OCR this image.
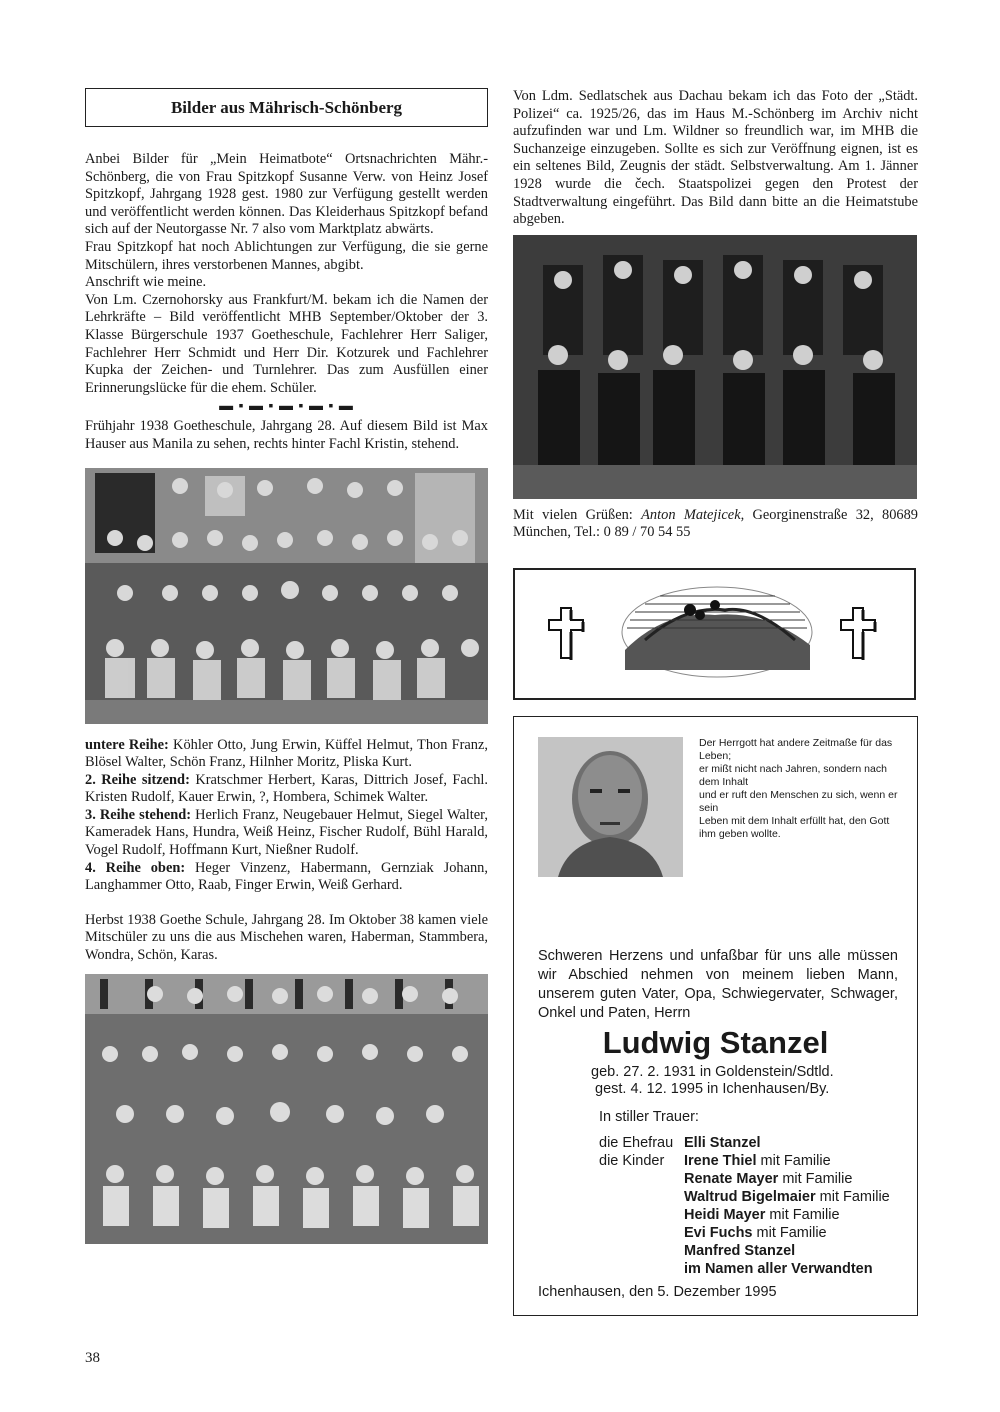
Bilder aus Mährisch-Schönberg

Anbei Bilder für „Mein Heimatbote“ Ortsnachrichten Mähr.-Schönberg, die von Frau Spitzkopf Susanne Verw. von Heinz Josef Spitzkopf, Jahrgang 1928 gest. 1980 zur Verfügung gestellt werden und veröffentlicht werden können. Das Kleiderhaus Spitzkopf befand sich auf der Neutorgasse Nr. 7 also vom Marktplatz abwärts.

Frau Spitzkopf hat noch Ablichtungen zur Verfügung, die sie gerne Mitschülern, ihres verstorbenen Mannes, abgibt.

Anschrift wie meine.

Von Lm. Czernohorsky aus Frankfurt/M. bekam ich die Namen der Lehrkräfte – Bild veröffentlicht MHB September/Oktober der 3. Klasse Bürgerschule 1937 Goetheschule, Fachlehrer Herr Saliger, Fachlehrer Herr Schmidt und Herr Dir. Kotzurek und Fachlehrer Kupka der Zeichen- und Turnlehrer. Das zum Ausfüllen einer Erinnerungslücke für die ehem. Schüler.

▬ ▪ ▬ ▪ ▬ ▪ ▬ ▪ ▬

Frühjahr 1938 Goetheschule, Jahrgang 28. Auf diesem Bild ist Max Hauser aus Manila zu sehen, rechts hinter Fachl Kristin, stehend.

untere Reihe: Köhler Otto, Jung Erwin, Küffel Helmut, Thon Franz, Blösel Walter, Schön Franz, Hilnher Moritz, Pliska Kurt.

2. Reihe sitzend: Kratschmer Herbert, Karas, Dittrich Josef, Fachl. Kristen Rudolf, Kauer Erwin, ?, Hombera, Schimek Walter.

3. Reihe stehend: Herlich Franz, Neugebauer Helmut, Siegel Walter, Kameradek Hans, Hundra, Weiß Heinz, Fischer Rudolf, Bühl Harald, Vogel Rudolf, Hoffmann Kurt, Nießner Rudolf.

4. Reihe oben: Heger Vinzenz, Habermann, Gernziak Johann, Langhammer Otto, Raab, Finger Erwin, Weiß Gerhard.

Herbst 1938 Goethe Schule, Jahrgang 28. Im Oktober 38 kamen viele Mitschüler zu uns die aus Mischehen waren, Haberman, Stammbera, Wondra, Schön, Karas.

Von Ldm. Sedlatschek aus Dachau bekam ich das Foto der „Städt. Polizei“ ca. 1925/26, das im Haus M.-Schönberg im Archiv nicht aufzufinden war und Lm. Wildner so freundlich war, im MHB die Suchanzeige einzugeben. Sollte es sich zur Veröffnung eignen, ist es ein seltenes Bild, Zeugnis der städt. Selbstverwaltung. Am 1. Jänner 1928 wurde die čech. Staatspolizei gegen den Protest der Stadtverwaltung eingeführt. Das Bild dann bitte an die Heimatstube abgeben.

Mit vielen Grüßen: Anton Matejicek, Georginenstraße 32, 80689 München, Tel.: 0 89 / 70 54 55

Der Herrgott hat andere Zeitmaße für das Leben;
er mißt nicht nach Jahren, sondern nach dem Inhalt
und er ruft den Menschen zu sich, wenn er sein
Leben mit dem Inhalt erfüllt hat, den Gott ihm geben wollte.
Schweren Herzens und unfaßbar für uns alle müssen wir Abschied nehmen von meinem lieben Mann, unserem guten Vater, Opa, Schwiegervater, Schwager, Onkel und Paten, Herrn
Ludwig Stanzel
geb. 27. 2. 1931 in Goldenstein/Sdtld.
gest. 4. 12. 1995 in Ichenhausen/By.
In stiller Trauer:
die Ehefrau Elli Stanzel
die Kinder Irene Thiel mit Familie
Renate Mayer mit Familie
Waltrud Bigelmaier mit Familie
Heidi Mayer mit Familie
Evi Fuchs mit Familie
Manfred Stanzel
im Namen aller Verwandten
Ichenhausen, den 5. Dezember 1995
38
